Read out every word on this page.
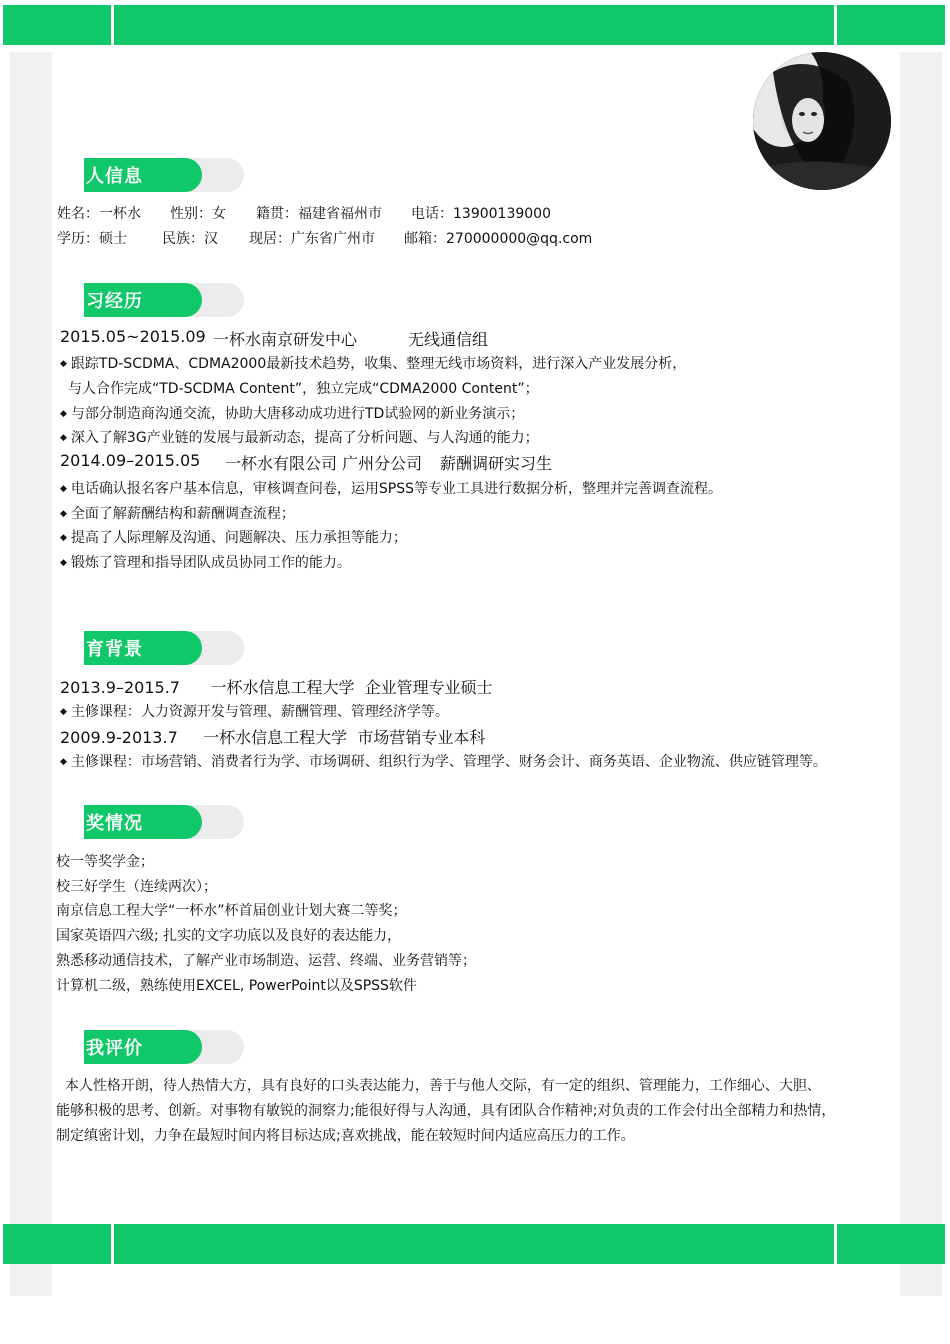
人信息
姓名：一杯水 性别：女 籍贯：福建省福州市 电话：13900139000
学历：硕士	民族：汉 现居：广东省广州市 邮箱：270000000@qq.com
习经历
2015.05~2015.09 一杯水南京研发中心	无线通信组
◆ 跟踪TD-SCDMA、CDMA2000最新技术趋势，收集、整理无线市场资料，进行深入产业发展分析，
与人合作完成“TD-SCDMA Content”，独立完成“CDMA2000 Content”；
◆ 与部分制造商沟通交流，协助大唐移动成功进行TD试验网的新业务演示；
◆ 深入了解3G产业链的发展与最新动态，提高了分析问题、与人沟通的能力；
2014.09–2015.05 一杯水有限公司 广州分公司 薪酬调研实习生
◆ 电话确认报名客户基本信息，审核调查问卷，运用SPSS等专业工具进行数据分析，整理并完善调查流程。
◆ 全面了解薪酬结构和薪酬调查流程；
◆ 提高了人际理解及沟通、问题解决、压力承担等能力；
◆ 锻炼了管理和指导团队成员协同工作的能力。
育背景
2013.9–2015.7      一杯水信息工程大学  企业管理专业硕士
◆ 主修课程：人力资源开发与管理、薪酬管理、管理经济学等。
2009.9-2013.7     一杯水信息工程大学  市场营销专业本科
◆ 主修课程：市场营销、消费者行为学、市场调研、组织行为学、管理学、财务会计、商务英语、企业物流、供应链管理等。
奖情况
校一等奖学金；
校三好学生（连续两次）；
南京信息工程大学“一杯水”杯首届创业计划大赛二等奖；
国家英语四六级; 扎实的文字功底以及良好的表达能力，
熟悉移动通信技术，了解产业市场制造、运营、终端、业务营销等；
计算机二级，熟练使用EXCEL, PowerPoint以及SPSS软件
我评价
本人性格开朗，待人热情大方，具有良好的口头表达能力，善于与他人交际，有一定的组织、管理能力，工作细心、大胆、
能够积极的思考、创新。对事物有敏锐的洞察力;能很好得与人沟通，具有团队合作精神;对负责的工作会付出全部精力和热情，
制定缜密计划，力争在最短时间内将目标达成;喜欢挑战，能在较短时间内适应高压力的工作。
